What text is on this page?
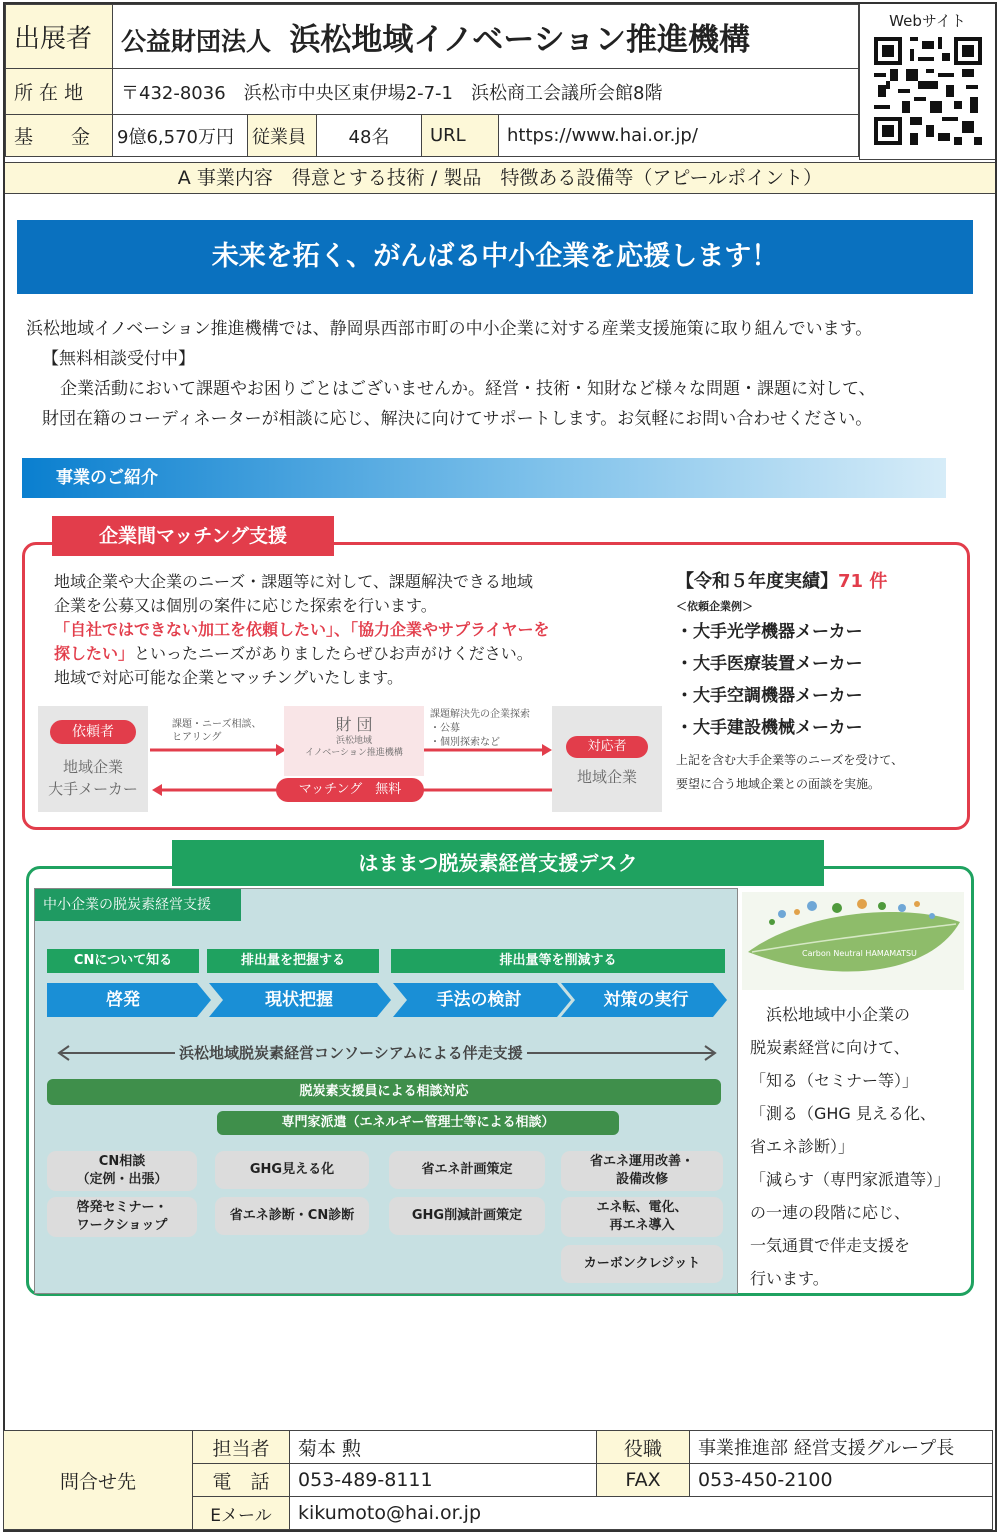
出展者	公益財団法人 浜松地域イノベーション推進機構				
所 在 地	〒432-8036　浜松市中央区東伊場2-7-1　浜松商工会議所会館8階				
基　　金	9億6,570万円	従業員	48名	URL	https://www.hai.or.jp/
Webサイト
A 事業内容　得意とする技術 / 製品　特徴ある設備等（アピールポイント）
未来を拓く、がんばる中小企業を応援します！
浜松地域イノベーション推進機構では、静岡県西部市町の中小企業に対する産業支援施策に取り組んでいます。
【無料相談受付中】
企業活動において課題やお困りごとはございませんか。経営・技術・知財など様々な問題・課題に対して、
財団在籍のコーディネーターが相談に応じ、解決に向けてサポートします。お気軽にお問い合わせください。
事業のご紹介
企業間マッチング支援
地域企業や大企業のニーズ・課題等に対して、課題解決できる地域
企業を公募又は個別の案件に応じた探索を行います。
「自社ではできない加工を依頼したい」、「協力企業やサプライヤーを
探したい」といったニーズがありましたらぜひお声がけください。
地域で対応可能な企業とマッチングいたします。
依頼者
地域企業
大手メーカー
課題・ニーズ相談、
ヒアリング
財 団
浜松地域
イノベーション推進機構
課題解決先の企業探索
・公募
・個別探索など
マッチング　無料
対応者
地域企業
【令和５年度実績】71 件
＜依頼企業例＞
・大手光学機器メーカー
・大手医療装置メーカー
・大手空調機器メーカー
・大手建設機械メーカー
上記を含む大手企業等のニーズを受けて、
要望に合う地域企業との面談を実施。
はままつ脱炭素経営支援デスク
中小企業の脱炭素経営支援
CNについて知る	排出量を把握する	排出量等を削減する
啓発	現状把握	手法の検討	対策の実行
浜松地域脱炭素経営コンソーシアムによる伴走支援
脱炭素支援員による相談対応
専門家派遣（エネルギー管理士等による相談）
CN相談
（定例・出張）
啓発セミナー・
ワークショップ
GHG見える化
省エネ診断・CN診断
省エネ計画策定
GHG削減計画策定
省エネ運用改善・
設備改修
エネ転、電化、
再エネ導入
カーボンクレジット
Carbon Neutral HAMAMATSU
浜松地域中小企業の
脱炭素経営に向けて、
「知る（セミナー等）」
「測る（GHG 見える化、
省エネ診断）」
「減らす（専門家派遣等）」
の一連の段階に応じ、
一気通貫で伴走支援を
行います。
問合せ先	担当者	菊本 勲	役職	事業推進部 経営支援グループ長
	電　話	053-489-8111	FAX	053-450-2100
	Eメール	kikumoto@hai.or.jp		
